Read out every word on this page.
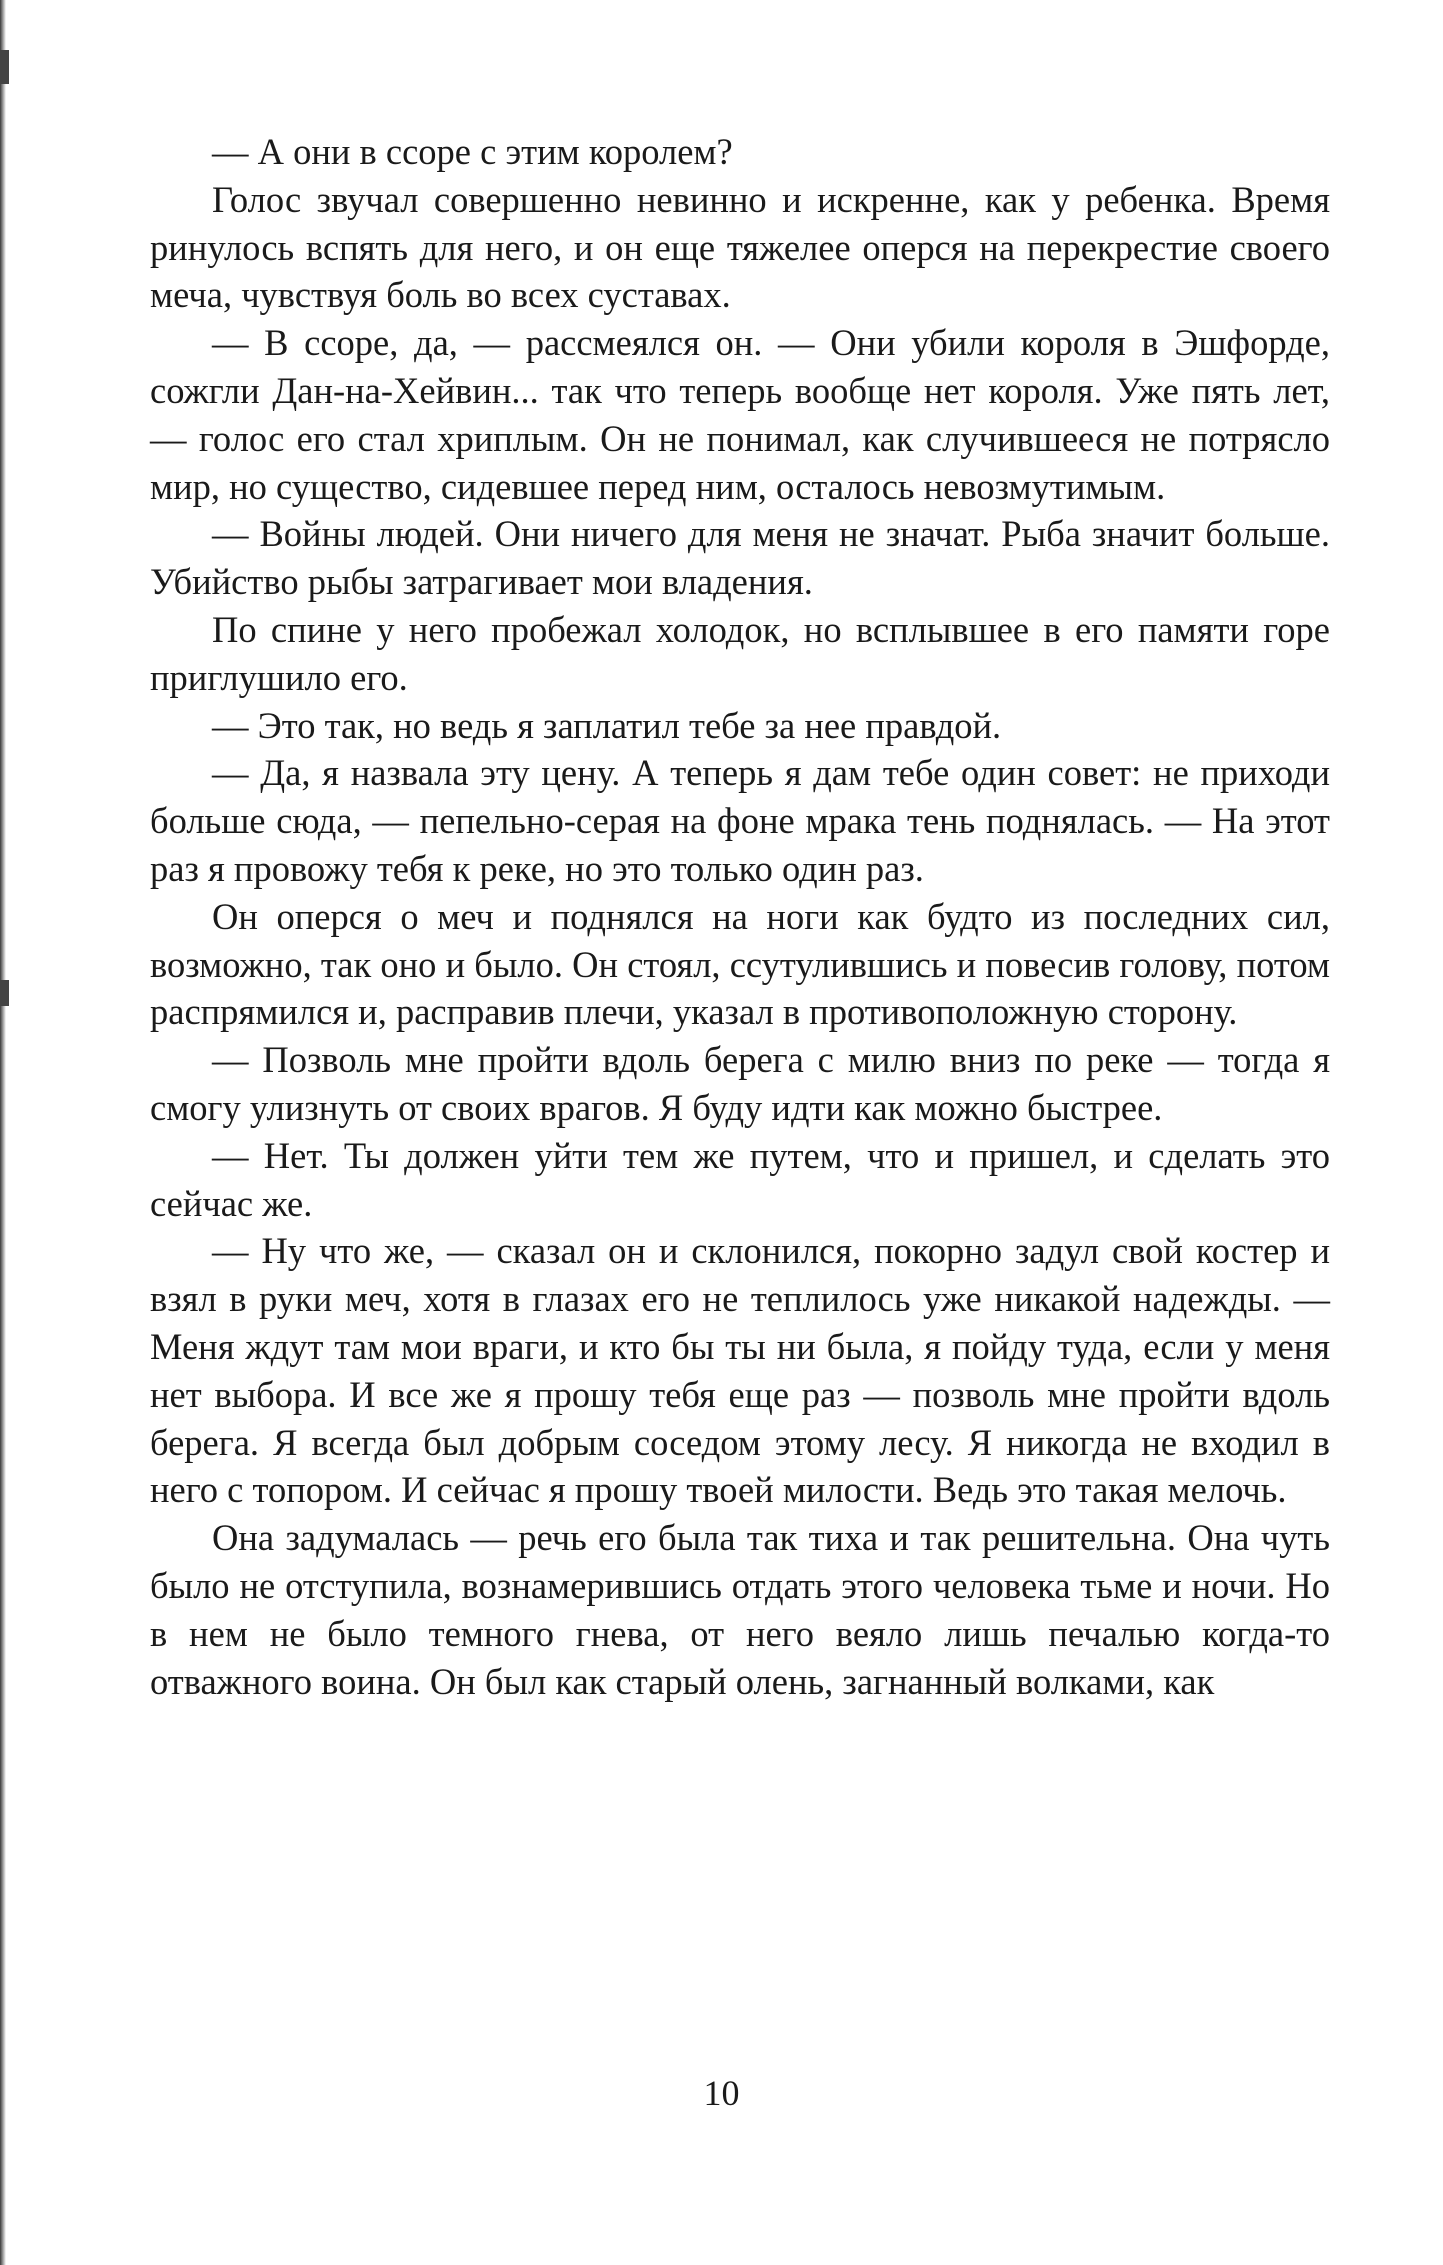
— А они в ссоре с этим королем?

Голос звучал совершенно невинно и искренне, как у ребенка. Время ринулось вспять для него, и он еще тяжелее оперся на перекрестие своего меча, чувствуя боль во всех суставах.

— В ссоре, да, — рассмеялся он. — Они убили короля в Эшфорде, сожгли Дан-на-Хейвин... так что теперь вообще нет короля. Уже пять лет, — голос его стал хриплым. Он не понимал, как случившееся не потрясло мир, но существо, сидевшее перед ним, осталось невозмутимым.

— Войны людей. Они ничего для меня не значат. Рыба значит больше. Убийство рыбы затрагивает мои владения.

По спине у него пробежал холодок, но всплывшее в его памяти горе приглушило его.

— Это так, но ведь я заплатил тебе за нее правдой.

— Да, я назвала эту цену. А теперь я дам тебе один совет: не приходи больше сюда, — пепельно-серая на фоне мрака тень поднялась. — На этот раз я провожу тебя к реке, но это только один раз.

Он оперся о меч и поднялся на ноги как будто из последних сил, возможно, так оно и было. Он стоял, ссутулившись и повесив голову, потом распрямился и, расправив плечи, указал в противоположную сторону.

— Позволь мне пройти вдоль берега с милю вниз по реке — тогда я смогу улизнуть от своих врагов. Я буду идти как можно быстрее.

— Нет. Ты должен уйти тем же путем, что и пришел, и сделать это сейчас же.

— Ну что же, — сказал он и склонился, покорно задул свой костер и взял в руки меч, хотя в глазах его не теплилось уже никакой надежды. — Меня ждут там мои враги, и кто бы ты ни была, я пойду туда, если у меня нет выбора. И все же я прошу тебя еще раз — позволь мне пройти вдоль берега. Я всегда был добрым соседом этому лесу. Я никогда не входил в него с топором. И сейчас я прошу твоей милости. Ведь это такая мелочь.

Она задумалась — речь его была так тиха и так решительна. Она чуть было не отступила, вознамерившись отдать этого человека тьме и ночи. Но в нем не было темного гнева, от него веяло лишь печалью когда-то отважного воина. Он был как старый олень, загнанный волками, как

10
